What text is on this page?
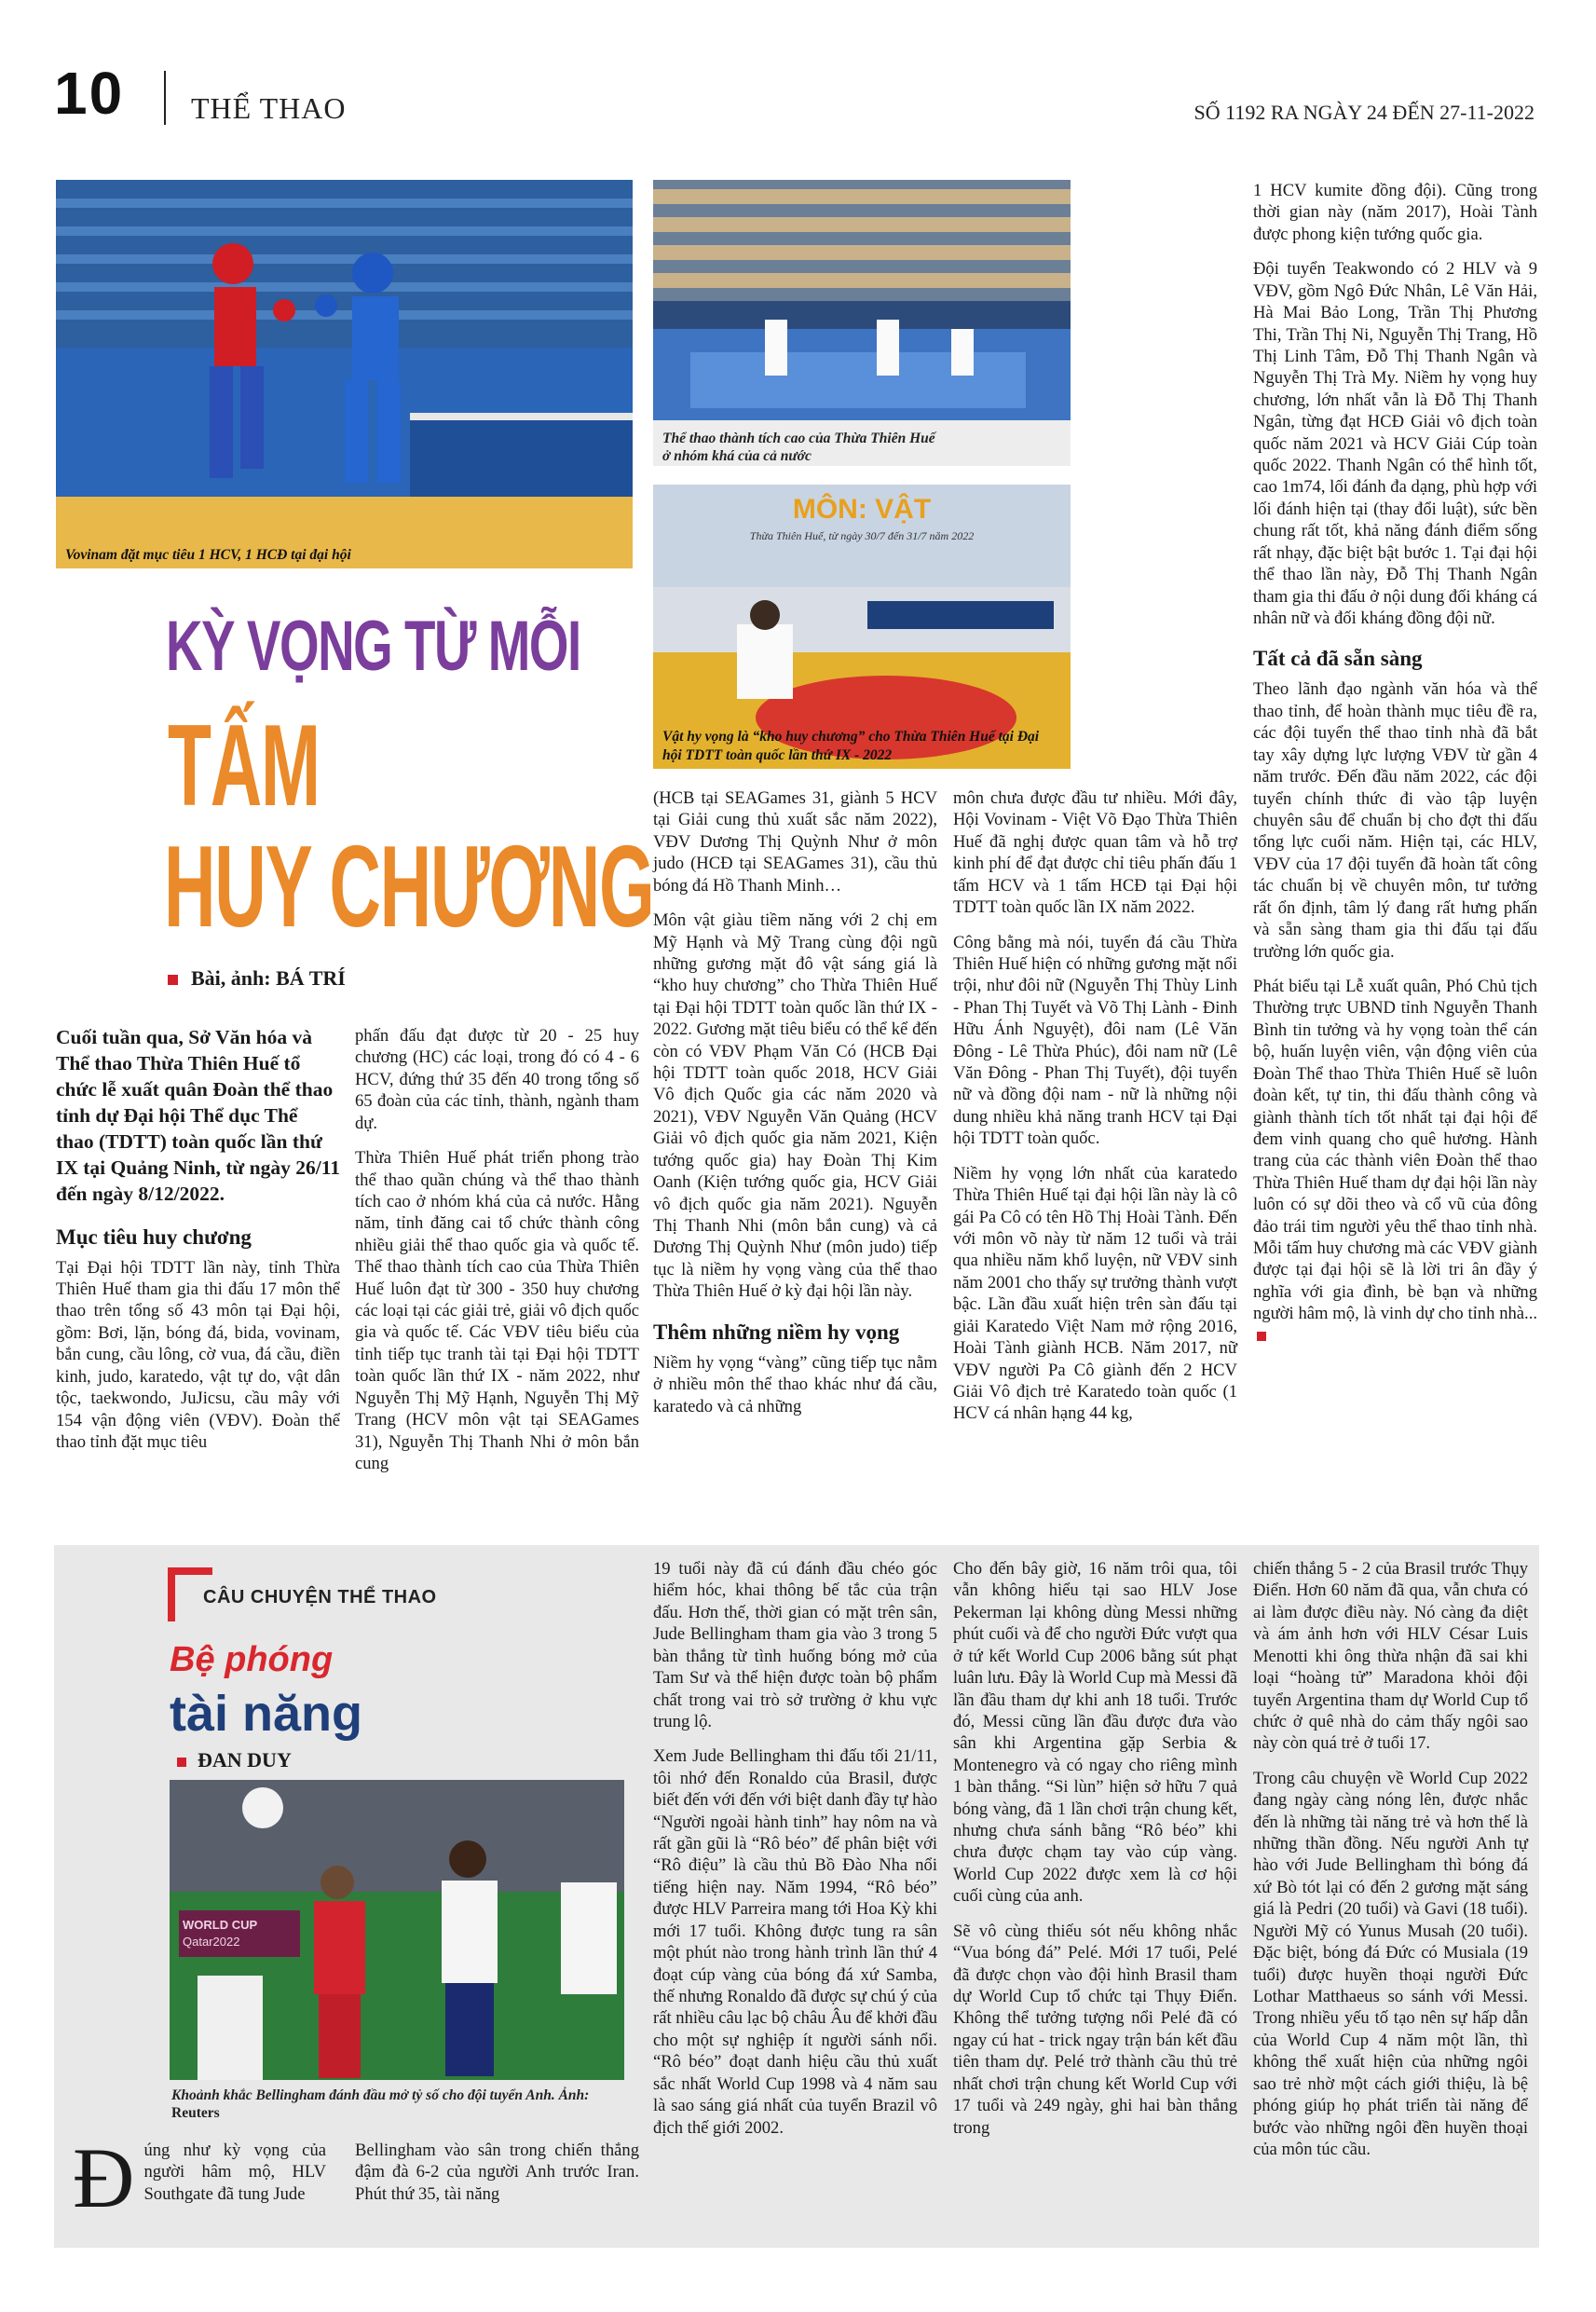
10 THỂ THAO	SỐ 1192 RA NGÀY 24 ĐẾN 27-11-2022
Vovinam đặt mục tiêu 1 HCV, 1 HCĐ tại đại hội
Thể thao thành tích cao của Thừa Thiên Huế ở nhóm khá của cả nước
MÔN: VẬT
Thừa Thiên Huế, từ ngày 30/7 đến 31/7 năm 2022
Vật hy vọng là “kho huy chương” cho Thừa Thiên Huế tại Đại hội TDTT toàn quốc lần thứ IX - 2022
KỲ VỌNG TỪ MỖI
TẤM
HUY CHƯƠNG
Bài, ảnh: BÁ TRÍ

Cuối tuần qua, Sở Văn hóa và Thể thao Thừa Thiên Huế tổ chức lễ xuất quân Đoàn thể thao tỉnh dự Đại hội Thể dục Thể thao (TDTT) toàn quốc lần thứ IX tại Quảng Ninh, từ ngày 26/11 đến ngày 8/12/2022.

Mục tiêu huy chương

Tại Đại hội TDTT lần này, tỉnh Thừa Thiên Huế tham gia thi đấu 17 môn thể thao trên tổng số 43 môn tại Đại hội, gồm: Bơi, lặn, bóng đá, bida, vovinam, bắn cung, cầu lông, cờ vua, đá cầu, điền kinh, judo, karatedo, vật tự do, vật dân tộc, taekwondo, JuJicsu, cầu mây với 154 vận động viên (VĐV). Đoàn thể thao tỉnh đặt mục tiêu

phấn đấu đạt được từ 20 - 25 huy chương (HC) các loại, trong đó có 4 - 6 HCV, đứng thứ 35 đến 40 trong tổng số 65 đoàn của các tỉnh, thành, ngành tham dự.

Thừa Thiên Huế phát triển phong trào thể thao quần chúng và thể thao thành tích cao ở nhóm khá của cả nước. Hằng năm, tỉnh đăng cai tổ chức thành công nhiều giải thể thao quốc gia và quốc tế. Thể thao thành tích cao của Thừa Thiên Huế luôn đạt từ 300 - 350 huy chương các loại tại các giải trẻ, giải vô địch quốc gia và quốc tế. Các VĐV tiêu biểu của tỉnh tiếp tục tranh tài tại Đại hội TDTT toàn quốc lần thứ IX - năm 2022, như Nguyễn Thị Mỹ Hạnh, Nguyễn Thị Mỹ Trang (HCV môn vật tại SEAGames 31), Nguyễn Thị Thanh Nhi ở môn bắn cung

(HCB tại SEAGames 31, giành 5 HCV tại Giải cung thủ xuất sắc năm 2022), VĐV Dương Thị Quỳnh Như ở môn judo (HCĐ tại SEAGames 31), cầu thủ bóng đá Hồ Thanh Minh…

Môn vật giàu tiềm năng với 2 chị em Mỹ Hạnh và Mỹ Trang cùng đội ngũ những gương mặt đô vật sáng giá là “kho huy chương” cho Thừa Thiên Huế tại Đại hội TDTT toàn quốc lần thứ IX - 2022. Gương mặt tiêu biểu có thể kể đến còn có VĐV Phạm Văn Có (HCB Đại hội TDTT toàn quốc 2018, HCV Giải Vô địch Quốc gia các năm 2020 và 2021), VĐV Nguyễn Văn Quảng (HCV Giải vô địch quốc gia năm 2021, Kiện tướng quốc gia) hay Đoàn Thị Kim Oanh (Kiện tướng quốc gia, HCV Giải vô địch quốc gia năm 2021). Nguyễn Thị Thanh Nhi (môn bắn cung) và cả Dương Thị Quỳnh Như (môn judo) tiếp tục là niềm hy vọng vàng của thể thao Thừa Thiên Huế ở kỳ đại hội lần này.

Thêm những niềm hy vọng

Niềm hy vọng “vàng” cũng tiếp tục nằm ở nhiều môn thể thao khác như đá cầu, karatedo và cả những

môn chưa được đầu tư nhiều. Mới đây, Hội Vovinam - Việt Võ Đạo Thừa Thiên Huế đã nghị được quan tâm và hỗ trợ kinh phí để đạt được chỉ tiêu phấn đấu 1 tấm HCV và 1 tấm HCĐ tại Đại hội TDTT toàn quốc lần IX năm 2022.

Công bằng mà nói, tuyển đá cầu Thừa Thiên Huế hiện có những gương mặt nổi trội, như đôi nữ (Nguyễn Thị Thùy Linh - Phan Thị Tuyết và Võ Thị Lành - Đinh Hữu Ánh Nguyệt), đôi nam (Lê Văn Đông - Lê Thừa Phúc), đôi nam nữ (Lê Văn Đông - Phan Thị Tuyết), đội tuyển nữ và đồng đội nam - nữ là những nội dung nhiều khả năng tranh HCV tại Đại hội TDTT toàn quốc.

Niềm hy vọng lớn nhất của karatedo Thừa Thiên Huế tại đại hội lần này là cô gái Pa Cô có tên Hồ Thị Hoài Tành. Đến với môn võ này từ năm 12 tuổi và trải qua nhiều năm khổ luyện, nữ VĐV sinh năm 2001 cho thấy sự trưởng thành vượt bậc. Lần đầu xuất hiện trên sàn đấu tại giải Karatedo Việt Nam mở rộng 2016, Hoài Tành giành HCB. Năm 2017, nữ VĐV người Pa Cô giành đến 2 HCV Giải Vô địch trẻ Karatedo toàn quốc (1 HCV cá nhân hạng 44 kg,

1 HCV kumite đồng đội). Cũng trong thời gian này (năm 2017), Hoài Tành được phong kiện tướng quốc gia.

Đội tuyển Teakwondo có 2 HLV và 9 VĐV, gồm Ngô Đức Nhân, Lê Văn Hải, Hà Mai Bảo Long, Trần Thị Phương Thi, Trần Thị Ni, Nguyễn Thị Trang, Hồ Thị Linh Tâm, Đỗ Thị Thanh Ngân và Nguyễn Thị Trà My. Niềm hy vọng huy chương, lớn nhất vẫn là Đỗ Thị Thanh Ngân, từng đạt HCĐ Giải vô địch toàn quốc năm 2021 và HCV Giải Cúp toàn quốc 2022. Thanh Ngân có thể hình tốt, cao 1m74, lối đánh đa dạng, phù hợp với lối đánh hiện tại (thay đổi luật), sức bền chung rất tốt, khả năng đánh điểm sống rất nhạy, đặc biệt bật bước 1. Tại đại hội thể thao lần này, Đỗ Thị Thanh Ngân tham gia thi đấu ở nội dung đối kháng cá nhân nữ và đối kháng đồng đội nữ.

Tất cả đã sẵn sàng

Theo lãnh đạo ngành văn hóa và thể thao tỉnh, để hoàn thành mục tiêu đề ra, các đội tuyển thể thao tỉnh nhà đã bắt tay xây dựng lực lượng VĐV từ gần 4 năm trước. Đến đầu năm 2022, các đội tuyển chính thức đi vào tập luyện chuyên sâu để chuẩn bị cho đợt thi đấu tổng lực cuối năm. Hiện tại, các HLV, VĐV của 17 đội tuyển đã hoàn tất công tác chuẩn bị về chuyên môn, tư tưởng rất ổn định, tâm lý đang rất hưng phấn và sẵn sàng tham gia thi đấu tại đấu trường lớn quốc gia.

Phát biểu tại Lễ xuất quân, Phó Chủ tịch Thường trực UBND tỉnh Nguyễn Thanh Bình tin tưởng và hy vọng toàn thể cán bộ, huấn luyện viên, vận động viên của Đoàn Thể thao Thừa Thiên Huế sẽ luôn đoàn kết, tự tin, thi đấu thành công và giành thành tích tốt nhất tại đại hội để đem vinh quang cho quê hương. Hành trang của các thành viên Đoàn thể thao Thừa Thiên Huế tham dự đại hội lần này luôn có sự dõi theo và cổ vũ của đông đảo trái tim người yêu thể thao tỉnh nhà. Mỗi tấm huy chương mà các VĐV giành được tại đại hội sẽ là lời tri ân đầy ý nghĩa với gia đình, bè bạn và những người hâm mộ, là vinh dự cho tỉnh nhà...

CÂU CHUYỆN THỂ THAO
Bệ phóng
tài năng
ĐAN DUY
WORLD CUP
Qatar2022
Khoảnh khắc Bellingham đánh đầu mở tỷ số cho đội tuyển Anh. Ảnh: Reuters

Đúng như kỳ vọng của người hâm mộ, HLV Southgate đã tung Jude

Bellingham vào sân trong chiến thắng đậm đà 6-2 của người Anh trước Iran. Phút thứ 35, tài năng

19 tuổi này đã cú đánh đầu chéo góc hiểm hóc, khai thông bế tắc của trận đấu. Hơn thế, thời gian có mặt trên sân, Jude Bellingham tham gia vào 3 trong 5 bàn thắng từ tình huống bóng mở của Tam Sư và thể hiện được toàn bộ phẩm chất trong vai trò sở trường ở khu vực trung lộ.

Xem Jude Bellingham thi đấu tối 21/11, tôi nhớ đến Ronaldo của Brasil, được biết đến với đến với biệt danh đầy tự hào “Người ngoài hành tinh” hay nôm na và rất gần gũi là “Rô béo” để phân biệt với “Rô điệu” là cầu thủ Bồ Đào Nha nổi tiếng hiện nay. Năm 1994, “Rô béo” được HLV Parreira mang tới Hoa Kỳ khi mới 17 tuổi. Không được tung ra sân một phút nào trong hành trình lần thứ 4 đoạt cúp vàng của bóng đá xứ Samba, thế nhưng Ronaldo đã được sự chú ý của rất nhiều câu lạc bộ châu Âu để khởi đầu cho một sự nghiệp ít người sánh nổi. “Rô béo” đoạt danh hiệu cầu thủ xuất sắc nhất World Cup 1998 và 4 năm sau là sao sáng giá nhất của tuyển Brazil vô địch thế giới 2002.

Cho đến bây giờ, 16 năm trôi qua, tôi vẫn không hiểu tại sao HLV Jose Pekerman lại không dùng Messi những phút cuối và để cho người Đức vượt qua ở tứ kết World Cup 2006 bằng sút phạt luân lưu. Đây là World Cup mà Messi đã lần đầu tham dự khi anh 18 tuổi. Trước đó, Messi cũng lần đầu được đưa vào sân khi Argentina gặp Serbia & Montenegro và có ngay cho riêng mình 1 bàn thắng. “Si lùn” hiện sở hữu 7 quả bóng vàng, đã 1 lần chơi trận chung kết, nhưng chưa sánh bằng “Rô béo” khi chưa được chạm tay vào cúp vàng. World Cup 2022 được xem là cơ hội cuối cùng của anh.

Sẽ vô cùng thiếu sót nếu không nhắc “Vua bóng đá” Pelé. Mới 17 tuổi, Pelé đã được chọn vào đội hình Brasil tham dự World Cup tổ chức tại Thụy Điển. Không thể tưởng tượng nổi Pelé đã có ngay cú hat - trick ngay trận bán kết đầu tiên tham dự. Pelé trở thành cầu thủ trẻ nhất chơi trận chung kết World Cup với 17 tuổi và 249 ngày, ghi hai bàn thắng trong

chiến thắng 5 - 2 của Brasil trước Thụy Điển. Hơn 60 năm đã qua, vẫn chưa có ai làm được điều này. Nó càng đa diệt và ám ảnh hơn với HLV César Luis Menotti khi ông thừa nhận đã sai khi loại “hoàng tử” Maradona khỏi đội tuyển Argentina tham dự World Cup tổ chức ở quê nhà do cảm thấy ngôi sao này còn quá trẻ ở tuổi 17.

Trong câu chuyện về World Cup 2022 đang ngày càng nóng lên, được nhắc đến là những tài năng trẻ và hơn thế là những thần đồng. Nếu người Anh tự hào với Jude Bellingham thì bóng đá xứ Bò tót lại có đến 2 gương mặt sáng giá là Pedri (20 tuổi) và Gavi (18 tuổi). Người Mỹ có Yunus Musah (20 tuổi). Đặc biệt, bóng đá Đức có Musiala (19 tuổi) được huyền thoại người Đức Lothar Matthaeus so sánh với Messi. Trong nhiều yếu tố tạo nên sự hấp dẫn của World Cup 4 năm một lần, thì không thể xuất hiện của những ngôi sao trẻ nhờ một cách giới thiệu, là bệ phóng giúp họ phát triển tài năng để bước vào những ngôi đền huyền thoại của môn túc cầu.
